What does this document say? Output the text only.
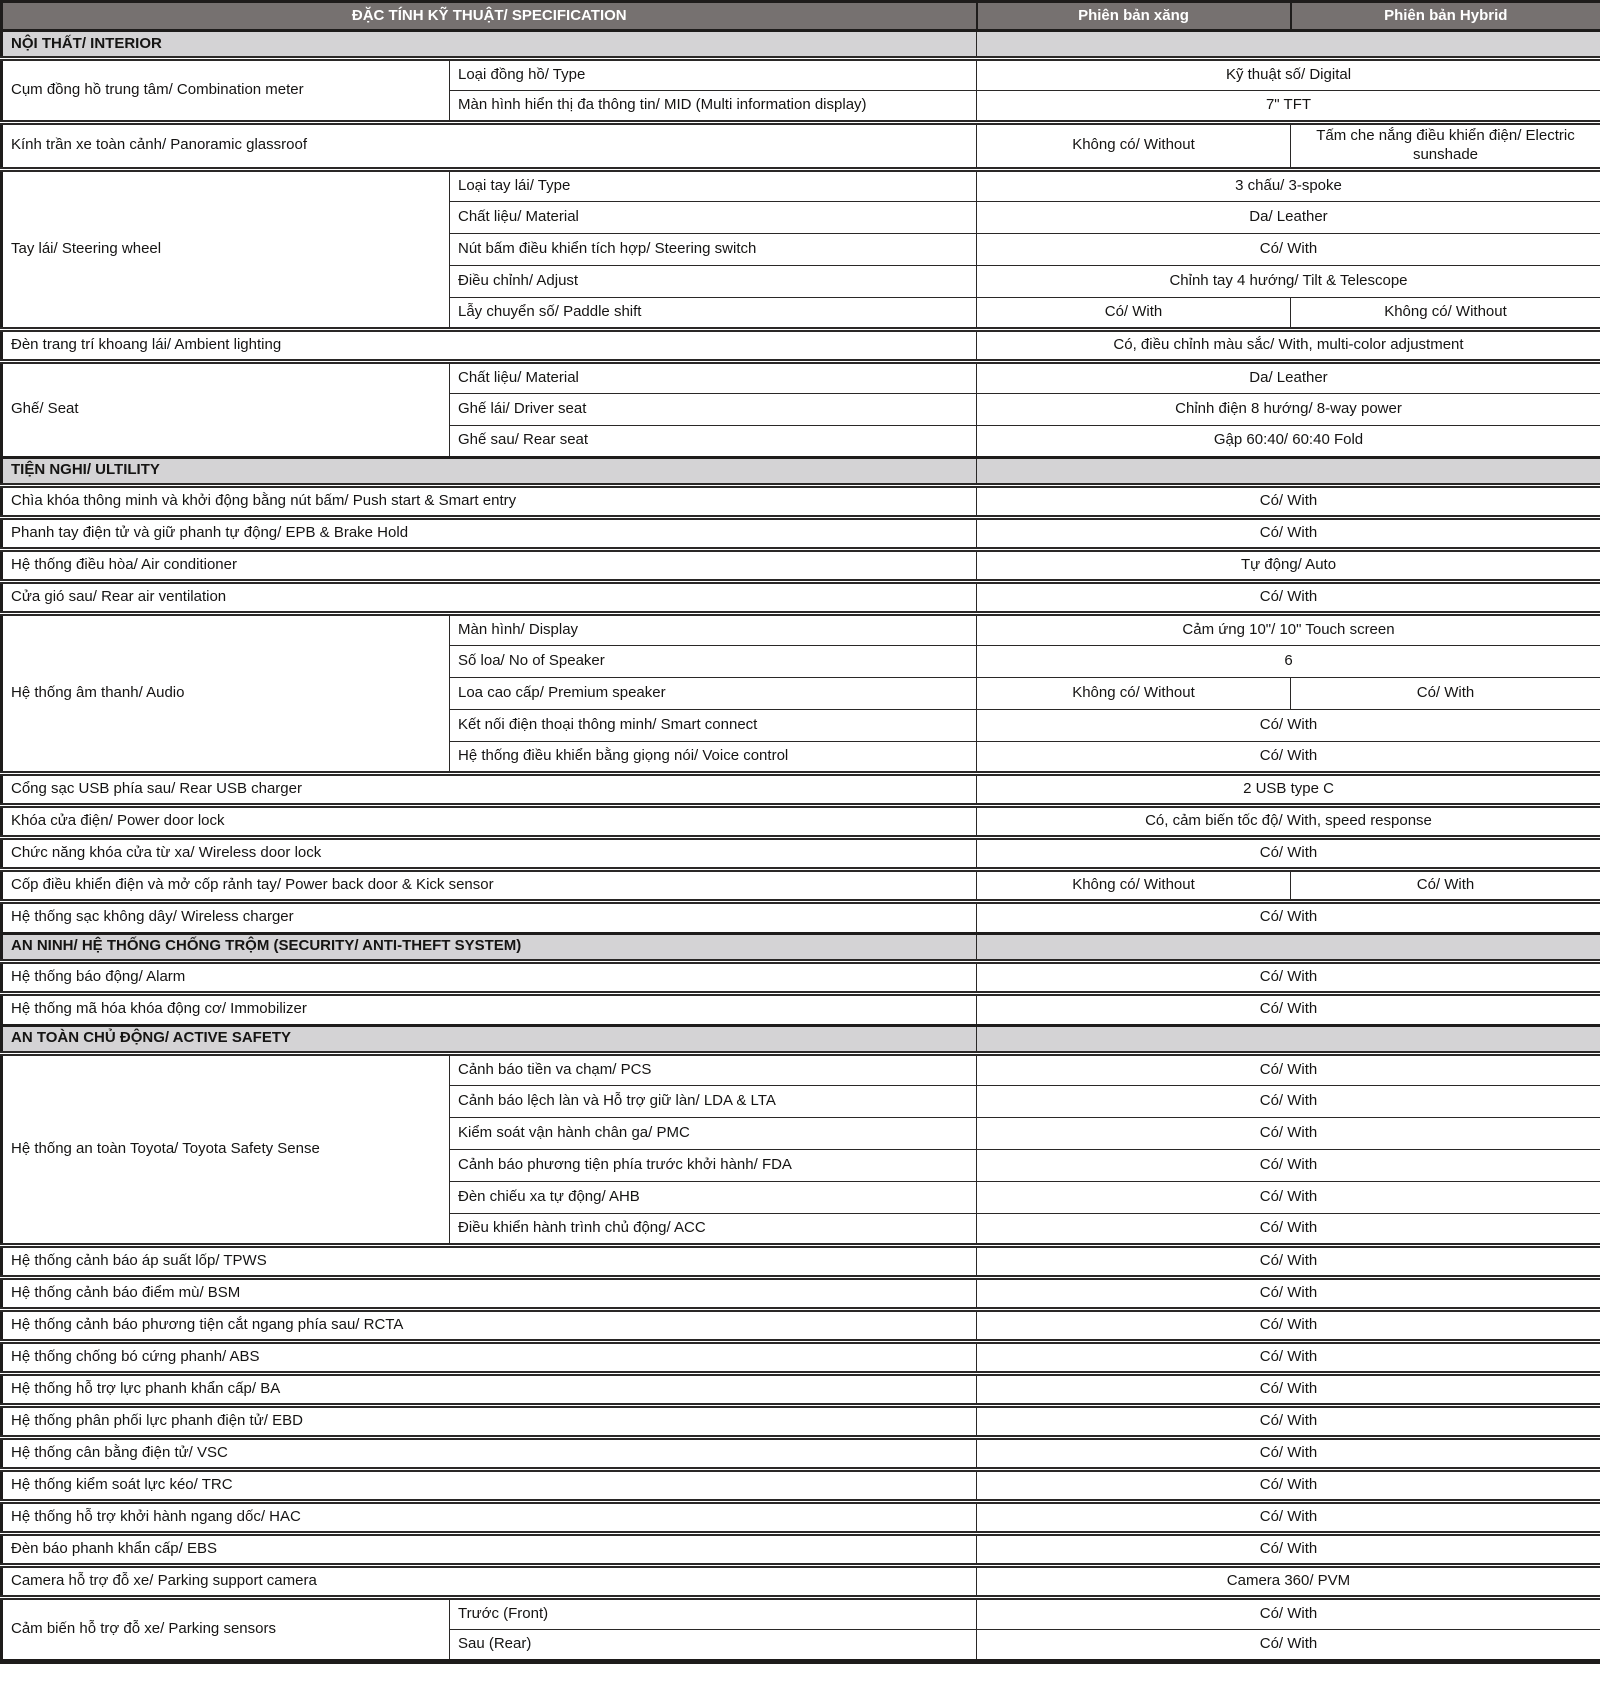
ĐẶC TÍNH KỸ THUẬT/ SPECIFICATION		Phiên bản xăng	Phiên bản Hybrid
NỘI THẤT/ INTERIOR			
Cụm đồng hồ trung tâm/ Combination meter	Loại đồng hồ/ Type	Kỹ thuật số/ Digital	
	Màn hình hiển thị đa thông tin/ MID (Multi information display)	7" TFT	
Kính trần xe toàn cảnh/ Panoramic glassroof		Không có/ Without	Tấm che nắng điều khiển điện/ Electric sunshade
Tay lái/ Steering wheel	Loại tay lái/ Type	3 chấu/ 3-spoke	
	Chất liệu/ Material	Da/ Leather	
	Nút bấm điều khiển tích hợp/ Steering switch	Có/ With	
	Điều chỉnh/ Adjust	Chỉnh tay 4 hướng/ Tilt & Telescope	
	Lẫy chuyển số/ Paddle shift	Có/ With	Không có/ Without
Đèn trang trí khoang lái/ Ambient lighting		Có, điều chỉnh màu sắc/ With, multi-color adjustment	
Ghế/ Seat	Chất liệu/ Material	Da/ Leather	
	Ghế lái/ Driver seat	Chỉnh điện 8 hướng/ 8-way power	
	Ghế sau/ Rear seat	Gập 60:40/ 60:40 Fold	
TIỆN NGHI/ ULTILITY			
Chìa khóa thông minh và khởi động bằng nút bấm/ Push start & Smart entry		Có/ With	
Phanh tay điện tử và giữ phanh tự động/ EPB & Brake Hold		Có/ With	
Hệ thống điều hòa/ Air conditioner		Tự động/ Auto	
Cửa gió sau/ Rear air ventilation		Có/ With	
Hệ thống âm thanh/ Audio	Màn hình/ Display	Cảm ứng 10"/ 10" Touch screen	
	Số loa/ No of Speaker	6	
	Loa cao cấp/ Premium speaker	Không có/ Without	Có/ With
	Kết nối điện thoại thông minh/ Smart connect	Có/ With	
	Hệ thống điều khiển bằng giọng nói/ Voice control	Có/ With	
Cổng sạc USB phía sau/ Rear USB charger		2 USB type C	
Khóa cửa điện/ Power door lock		Có, cảm biến tốc độ/ With, speed response	
Chức năng khóa cửa từ xa/ Wireless door lock		Có/ With	
Cốp điều khiển điện và mở cốp rảnh tay/ Power back door & Kick sensor		Không có/ Without	Có/ With
Hệ thống sạc không dây/ Wireless charger		Có/ With	
AN NINH/ HỆ THỐNG CHỐNG TRỘM (SECURITY/ ANTI-THEFT SYSTEM)			
Hệ thống báo động/ Alarm		Có/ With	
Hệ thống mã hóa khóa động cơ/ Immobilizer		Có/ With	
AN TOÀN CHỦ ĐỘNG/ ACTIVE SAFETY			
Hệ thống an toàn Toyota/ Toyota Safety Sense	Cảnh báo tiền va chạm/ PCS	Có/ With	
	Cảnh báo lệch làn và Hỗ trợ giữ làn/ LDA & LTA	Có/ With	
	Kiểm soát vận hành chân ga/ PMC	Có/ With	
	Cảnh báo phương tiện phía trước khởi hành/ FDA	Có/ With	
	Đèn chiếu xa tự động/ AHB	Có/ With	
	Điều khiển hành trình chủ động/ ACC	Có/ With	
Hệ thống cảnh báo áp suất lốp/ TPWS		Có/ With	
Hệ thống cảnh báo điểm mù/ BSM		Có/ With	
Hệ thống cảnh báo phương tiện cắt ngang phía sau/ RCTA		Có/ With	
Hệ thống chống bó cứng phanh/ ABS		Có/ With	
Hệ thống hỗ trợ lực phanh khẩn cấp/ BA		Có/ With	
Hệ thống phân phối lực phanh điện tử/ EBD		Có/ With	
Hệ thống cân bằng điện tử/ VSC		Có/ With	
Hệ thống kiểm soát lực kéo/ TRC		Có/ With	
Hệ thống hỗ trợ khởi hành ngang dốc/ HAC		Có/ With	
Đèn báo phanh khẩn cấp/ EBS		Có/ With	
Camera hỗ trợ đỗ xe/ Parking support camera		Camera 360/ PVM	
Cảm biến hỗ trợ đỗ xe/ Parking sensors	Trước (Front)	Có/ With	
	Sau (Rear)	Có/ With	
